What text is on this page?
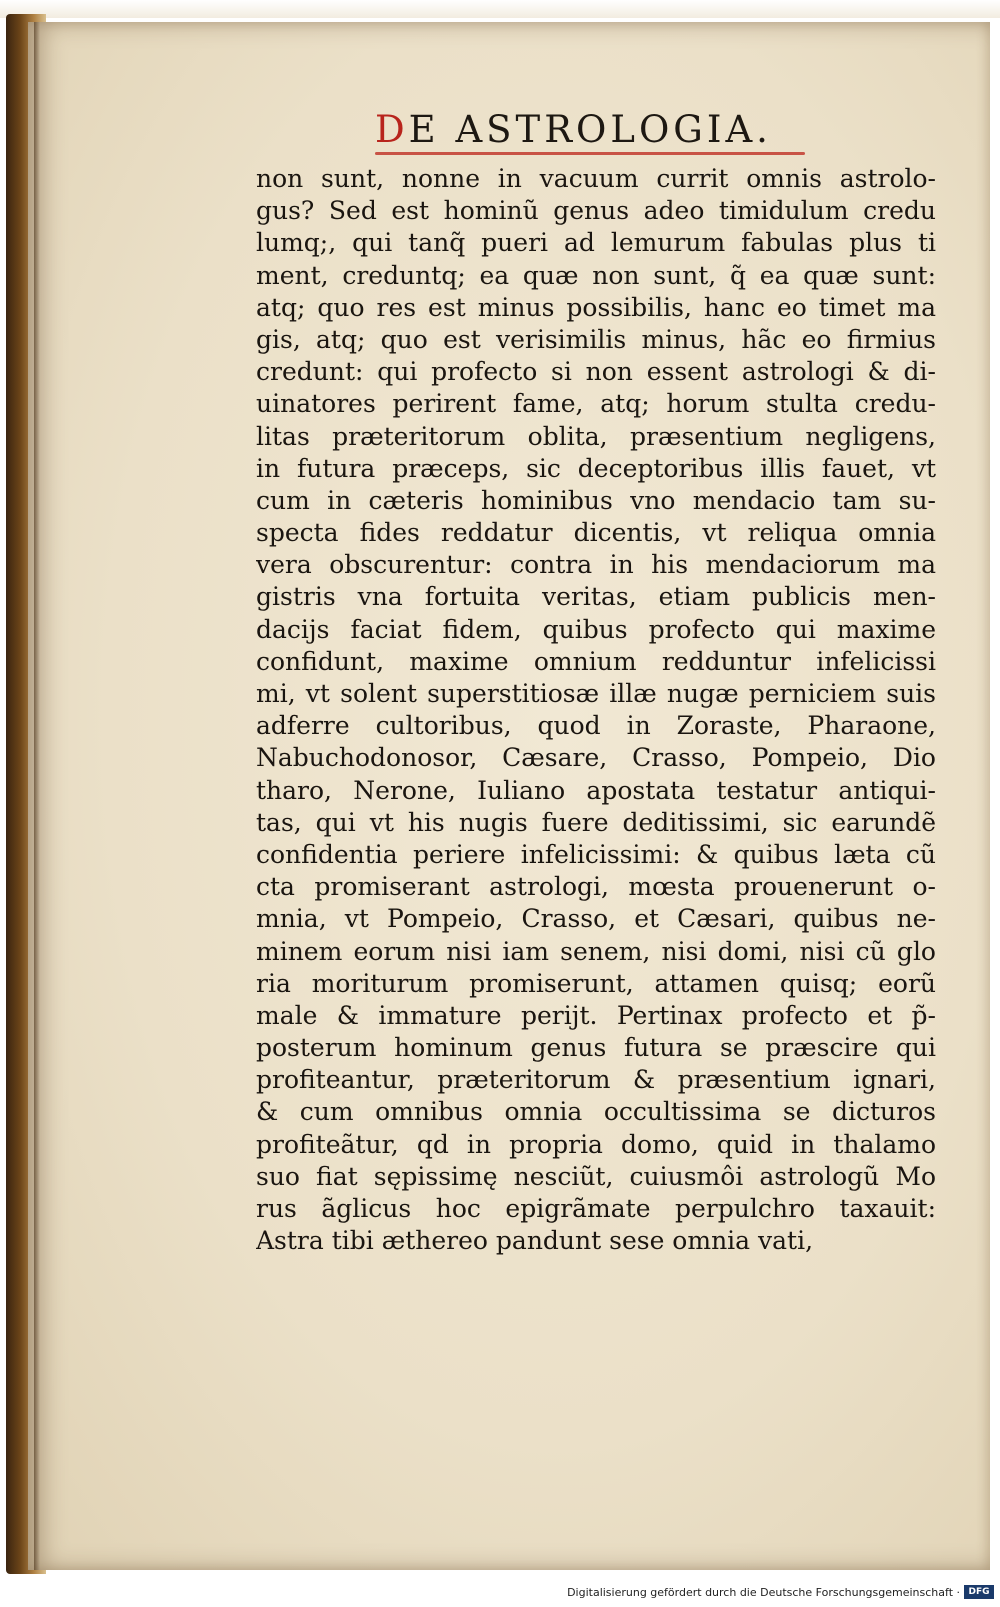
DE ASTROLOGIA.
non sunt, nonne in vacuum currit omnis astrolo-
gus? Sed est hominũ genus adeo timidulum credu
lumq;, qui tanq̃ pueri ad lemurum fabulas plus ti
ment, creduntq; ea quæ non sunt, q̃ ea quæ sunt:
atq; quo res est minus possibilis, hanc eo timet ma
gis, atq; quo est verisimilis minus, hãc eo firmius
credunt: qui profecto si non essent astrologi & di-
uinatores perirent fame, atq; horum stulta credu-
litas præteritorum oblita, præsentium negligens,
in futura præceps, sic deceptoribus illis fauet, vt
cum in cæteris hominibus vno mendacio tam su-
specta fides reddatur dicentis, vt reliqua omnia
vera obscurentur: contra in his mendaciorum ma
gistris vna fortuita veritas, etiam publicis men-
dacijs faciat fidem, quibus profecto qui maxime
confidunt, maxime omnium redduntur infelicissi
mi, vt solent superstitiosæ illæ nugæ perniciem suis
adferre cultoribus, quod in Zoraste, Pharaone,
Nabuchodonosor, Cæsare, Crasso, Pompeio, Dio
tharo, Nerone, Iuliano apostata testatur antiqui-
tas, qui vt his nugis fuere deditissimi, sic earundẽ
confidentia periere infelicissimi: & quibus læta cũ
cta promiserant astrologi, mœsta prouenerunt o-
mnia, vt Pompeio, Crasso, et Cæsari, quibus ne-
minem eorum nisi iam senem, nisi domi, nisi cũ glo
ria moriturum promiserunt, attamen quisq; eorũ
male & immature perijt. Pertinax profecto et p̃-
posterum hominum genus futura se præscire qui
profiteantur, præteritorum & præsentium ignari,
& cum omnibus omnia occultissima se dicturos
profiteãtur, qd in propria domo, quid in thalamo
suo fiat sępissimę nesciũt, cuiusmôi astrologũ Mo
rus ãglicus hoc epigrãmate perpulchro taxauit:
Astra tibi æthereo pandunt sese omnia vati,
Digitalisierung gefördert durch die Deutsche Forschungsgemeinschaft · DFG
